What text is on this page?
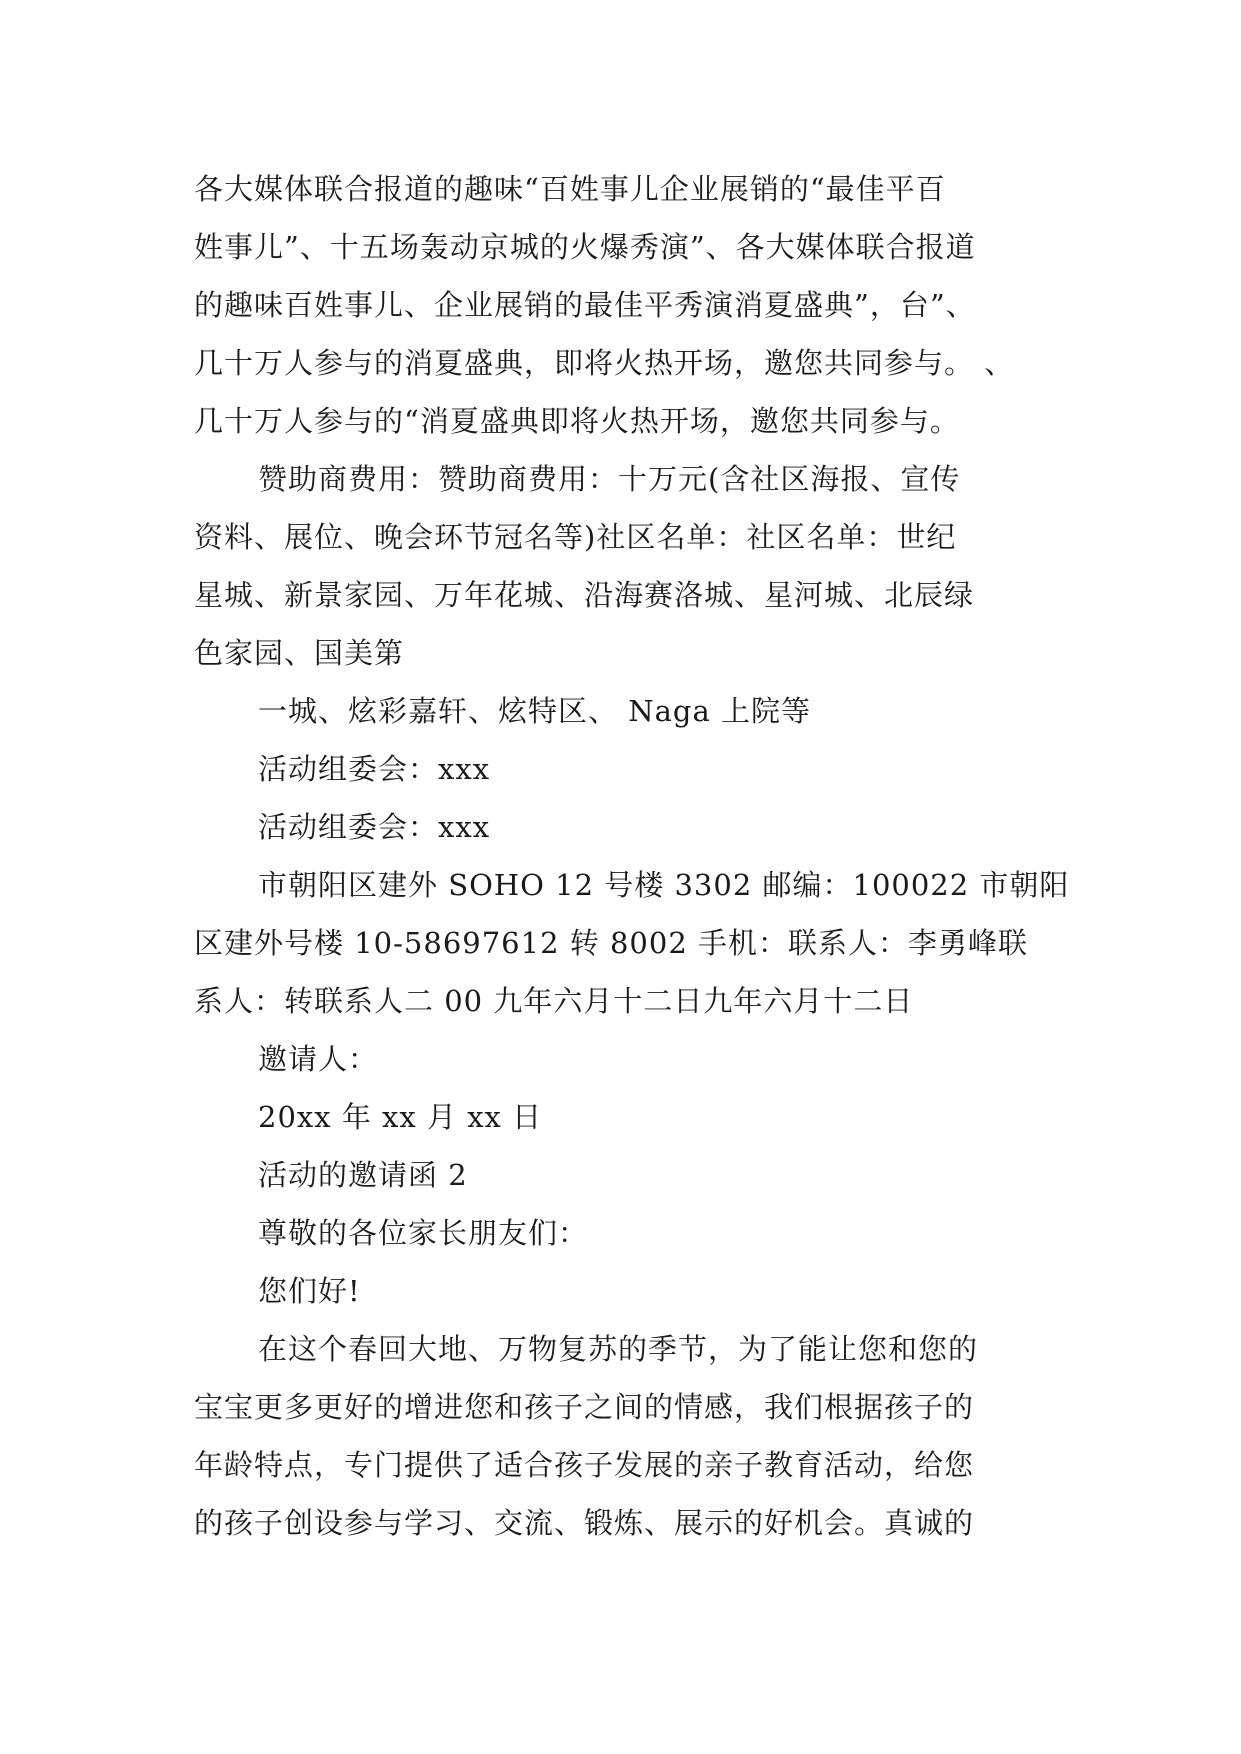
各大媒体联合报道的趣味“百姓事儿企业展销的“最佳平百
姓事儿”、十五场轰动京城的火爆秀演”、各大媒体联合报道
的趣味百姓事儿、企业展销的最佳平秀演消夏盛典”，台”、
几十万人参与的消夏盛典，即将火热开场，邀您共同参与。 、
几十万人参与的“消夏盛典即将火热开场，邀您共同参与。
赞助商费用：赞助商费用：十万元(含社区海报、宣传
资料、展位、晚会环节冠名等)社区名单：社区名单：世纪
星城、新景家园、万年花城、沿海赛洛城、星河城、北辰绿
色家园、国美第
一城、炫彩嘉轩、炫特区、 Naga 上院等
活动组委会：xxx
活动组委会：xxx
市朝阳区建外 SOHO 12 号楼 3302 邮编：100022 市朝阳
区建外号楼 10-58697612 转 8002 手机：联系人：李勇峰联
系人：转联系人二 00 九年六月十二日九年六月十二日
邀请人：
20xx 年 xx 月 xx 日
活动的邀请函 2
尊敬的各位家长朋友们：
您们好!
在这个春回大地、万物复苏的季节，为了能让您和您的
宝宝更多更好的增进您和孩子之间的情感，我们根据孩子的
年龄特点，专门提供了适合孩子发展的亲子教育活动，给您
的孩子创设参与学习、交流、锻炼、展示的好机会。真诚的
